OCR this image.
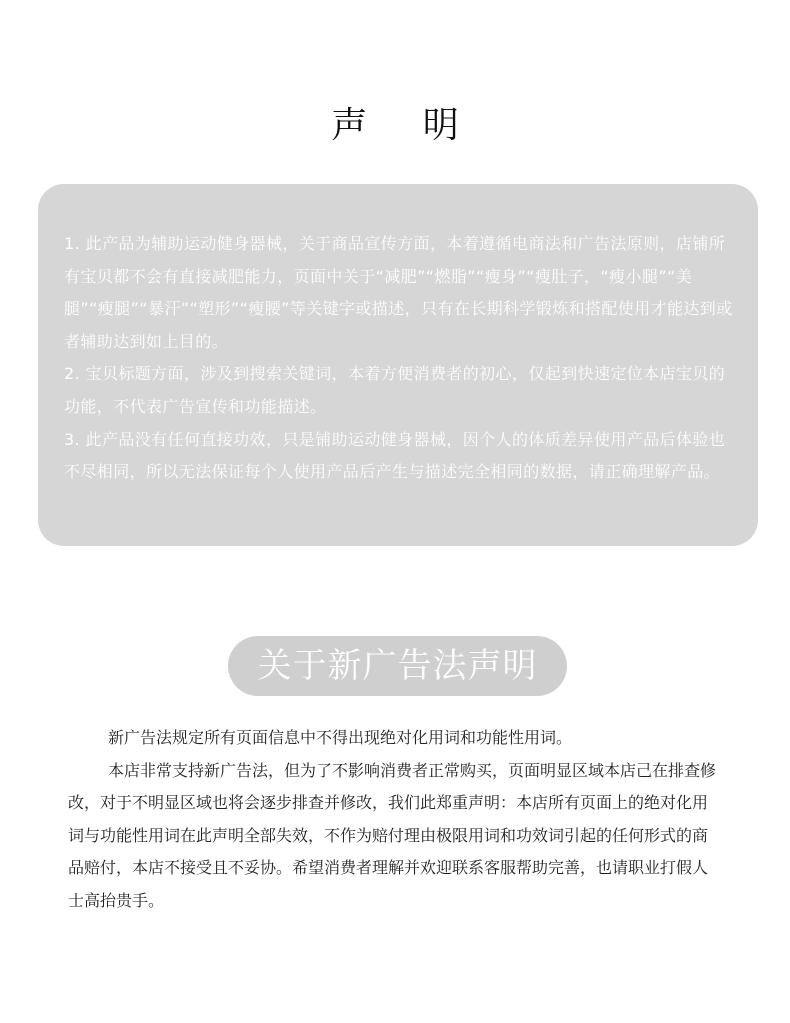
声 明

1. 此产品为辅助运动健身器械，关于商品宣传方面，本着遵循电商法和广告法原则，店铺所有宝贝都不会有直接减肥能力，页面中关于“减肥”“燃脂”“瘦身”“瘦肚子，“瘦小腿”“美腿”“瘦腿”“暴汗”“塑形”“瘦腰”等关键字或描述，只有在长期科学锻炼和搭配使用才能达到或者辅助达到如上目的。

2. 宝贝标题方面，涉及到搜索关键词，本着方便消费者的初心，仅起到快速定位本店宝贝的功能，不代表广告宣传和功能描述。

3. 此产品没有任何直接功效，只是铺助运动健身器械，因个人的体质差异使用产品后体验也不尽相同，所以无法保证每个人使用产品后产生与描述完全相同的数据，请正确理解产品。

关于新广告法声明

新广告法规定所有页面信息中不得出现绝对化用词和功能性用词。

本店非常支持新广告法，但为了不影响消费者正常购买，页面明显区域本店己在排查修改，对于不明显区域也将会逐步排查并修改，我们此郑重声明：本店所有页面上的绝对化用词与功能性用词在此声明全部失效，不作为赔付理由极限用词和功效词引起的任何形式的商品赔付，本店不接受且不妥协。希望消费者理解并欢迎联系客服帮助完善，也请职业打假人士高抬贵手。
